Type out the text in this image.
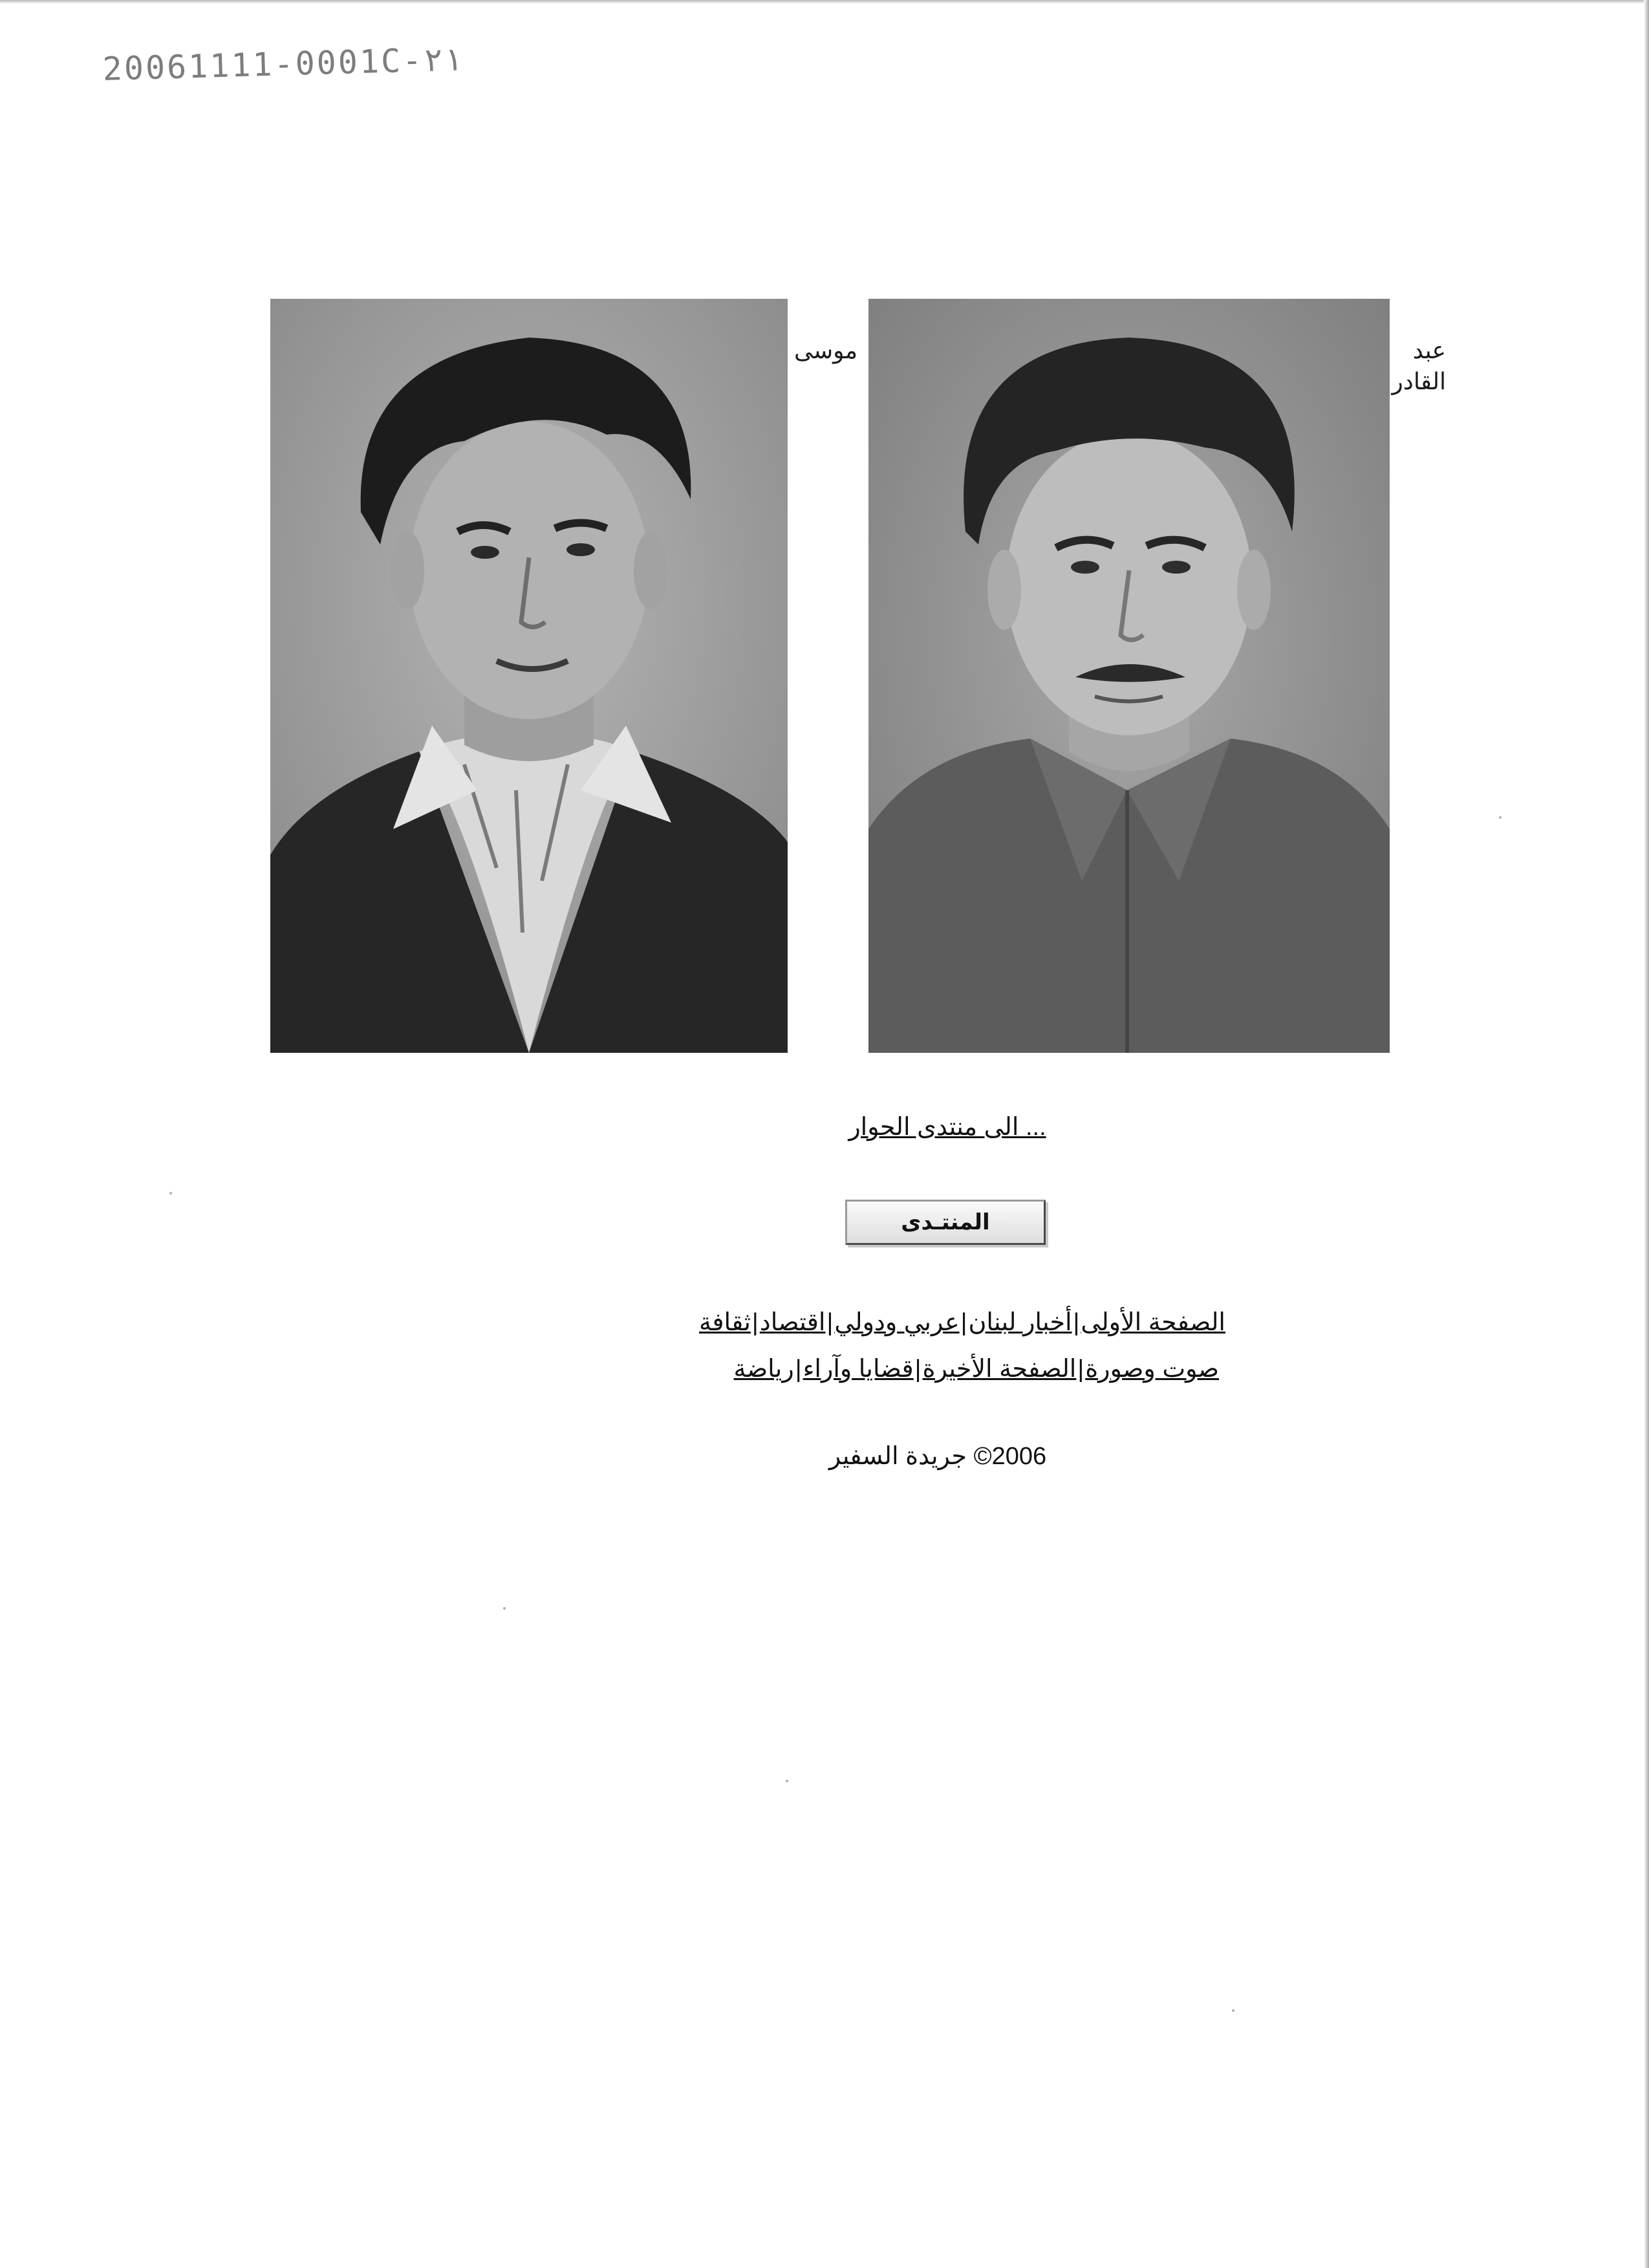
20061111-0001C-٢١
موسى	عبد
القادر
... الى منتدى الحوار
المنتـدى
الصفحة الأولى|أخبار لبنان|عربي ودولي|اقتصاد|ثقافة
صوت وصورة|الصفحة الأخيرة|قضايا وآراء|رياضة
2006© جريدة السفير
